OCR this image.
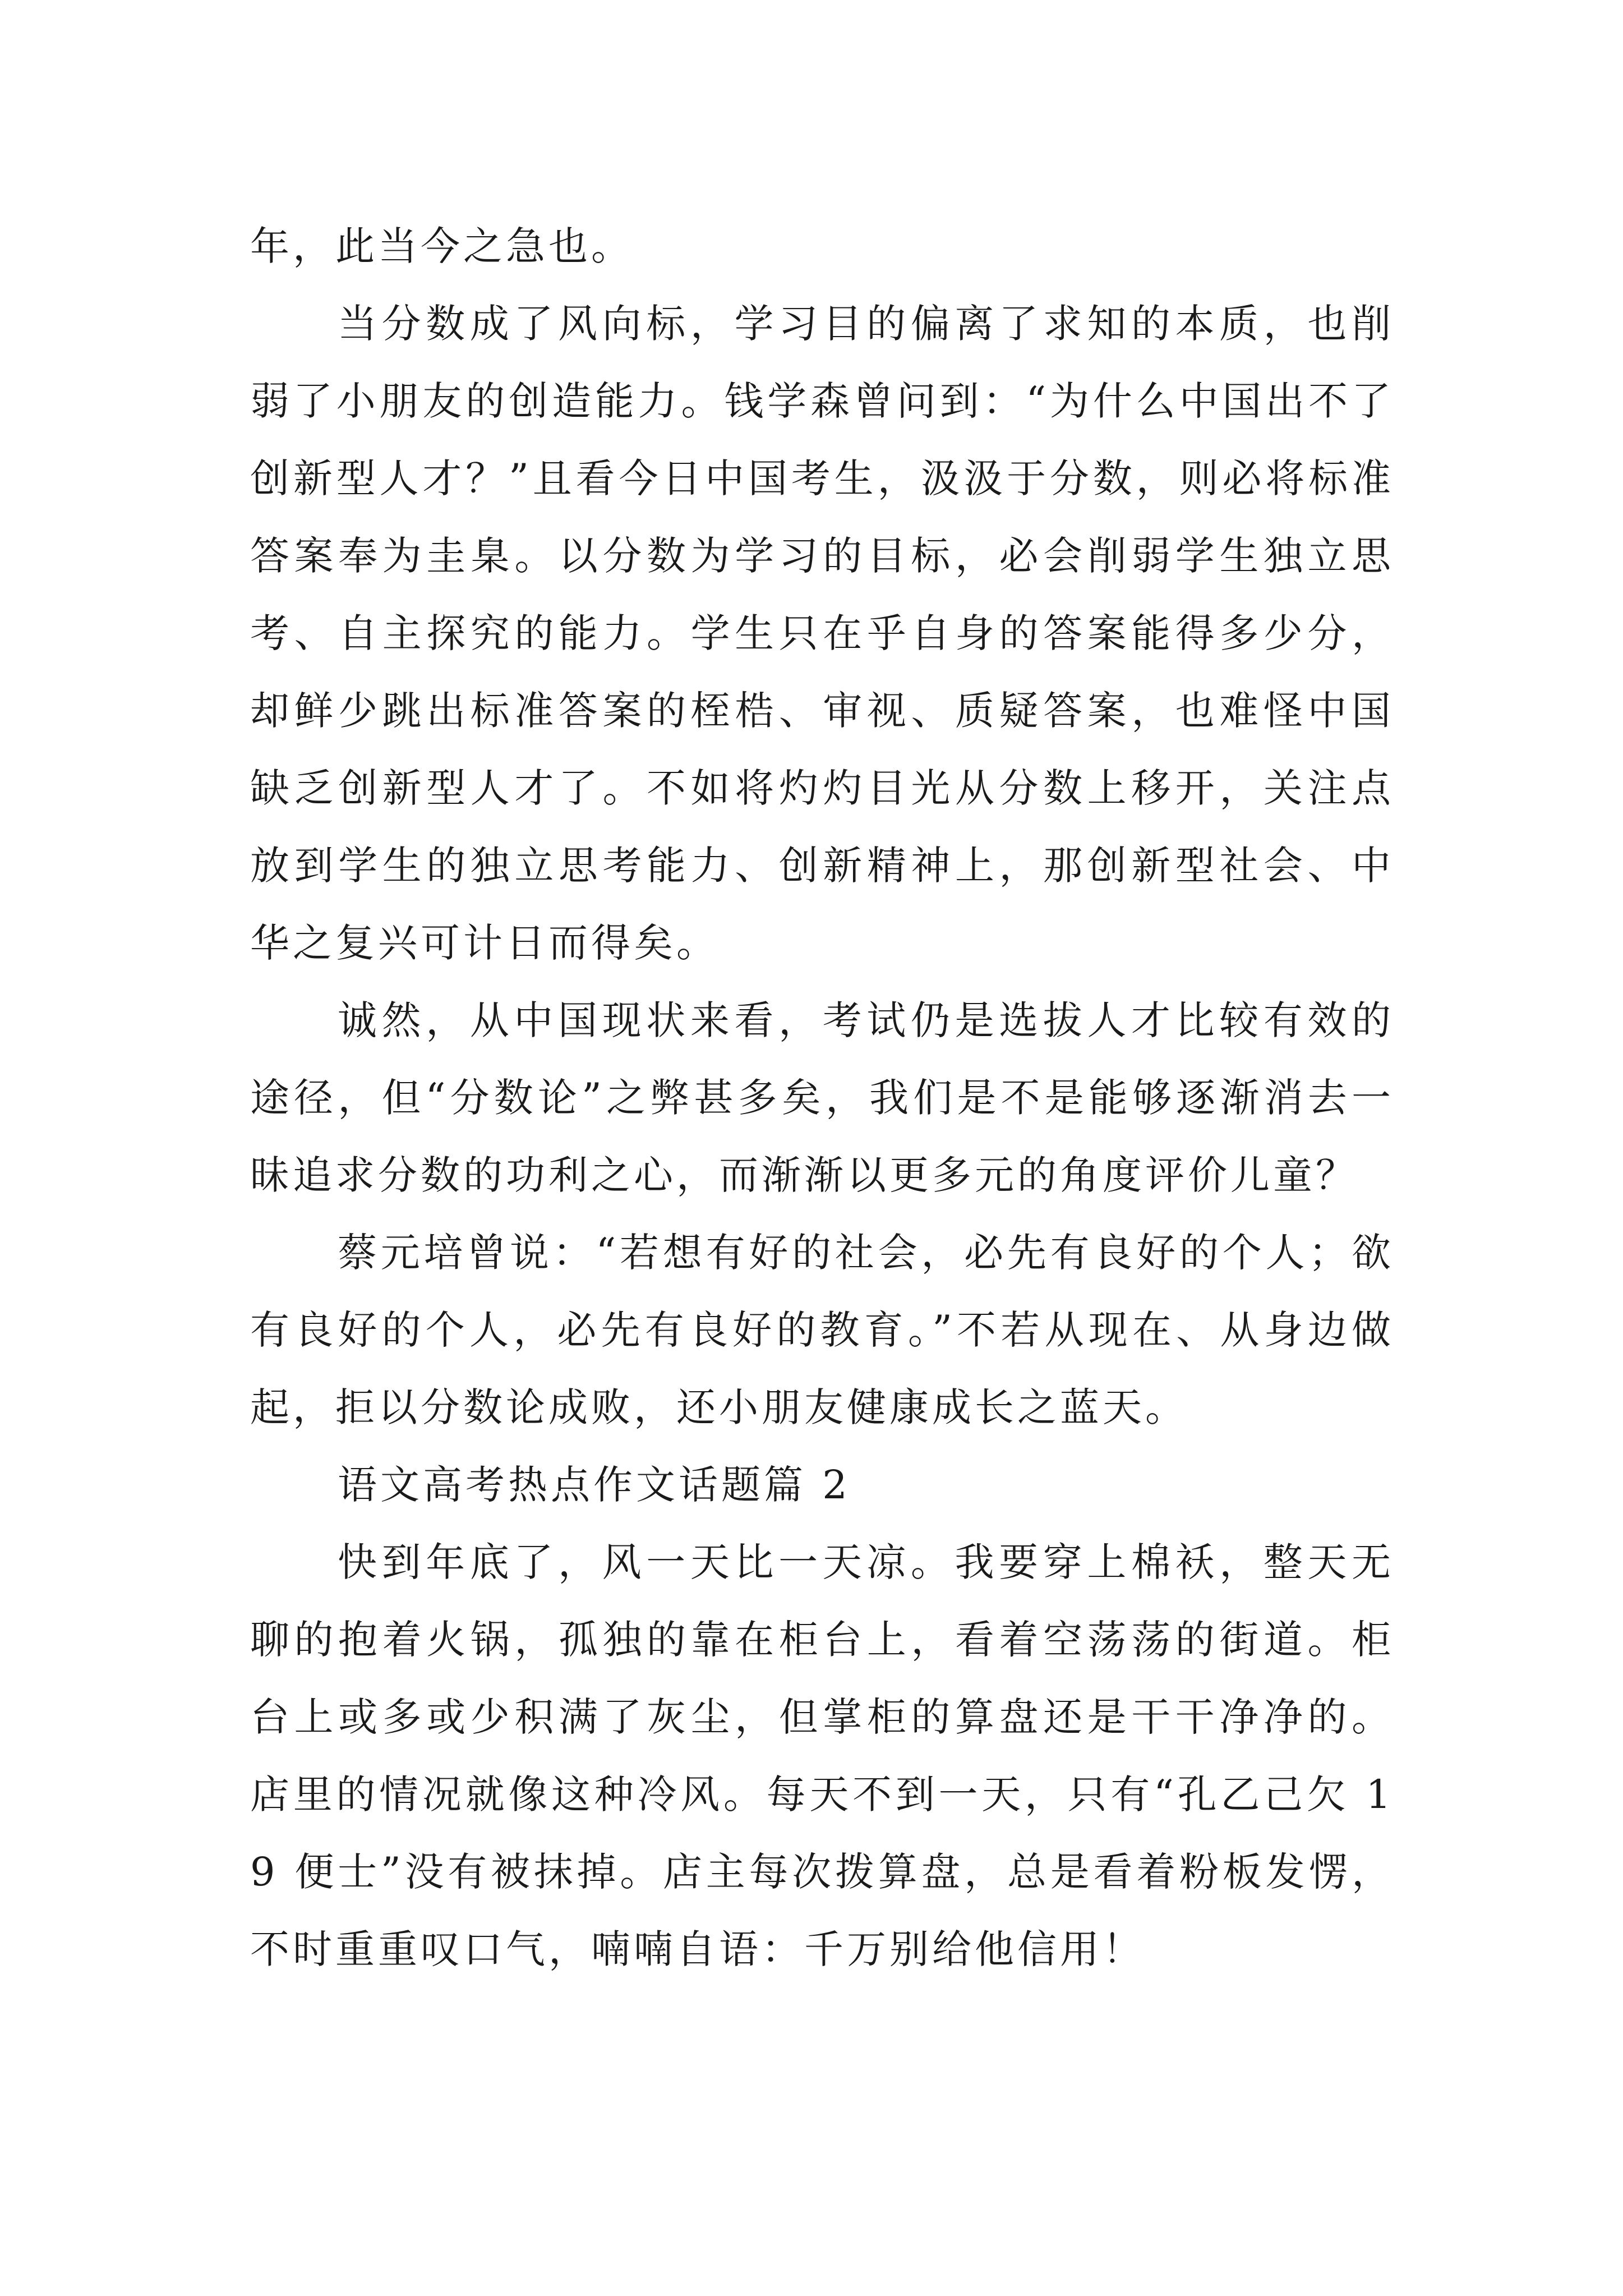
年，此当今之急也。

当分数成了风向标，学习目的偏离了求知的本质，也削弱了小朋友的创造能力。钱学森曾问到：“为什么中国出不了创新型人才？”且看今日中国考生，汲汲于分数，则必将标准答案奉为圭臬。以分数为学习的目标，必会削弱学生独立思考、自主探究的能力。学生只在乎自身的答案能得多少分，却鲜少跳出标准答案的桎梏、审视、质疑答案，也难怪中国缺乏创新型人才了。不如将灼灼目光从分数上移开，关注点放到学生的独立思考能力、创新精神上，那创新型社会、中华之复兴可计日而得矣。

诚然，从中国现状来看，考试仍是选拔人才比较有效的途径，但“分数论”之弊甚多矣，我们是不是能够逐渐消去一昧追求分数的功利之心，而渐渐以更多元的角度评价儿童？

蔡元培曾说：“若想有好的社会，必先有良好的个人；欲有良好的个人，必先有良好的教育。”不若从现在、从身边做起，拒以分数论成败，还小朋友健康成长之蓝天。

语文高考热点作文话题篇 2

快到年底了，风一天比一天凉。我要穿上棉袄，整天无聊的抱着火锅，孤独的靠在柜台上，看着空荡荡的街道。柜台上或多或少积满了灰尘，但掌柜的算盘还是干干净净的。店里的情况就像这种冷风。每天不到一天，只有“孔乙己欠 19 便士”没有被抹掉。店主每次拨算盘，总是看着粉板发愣，不时重重叹口气，喃喃自语：千万别给他信用！
